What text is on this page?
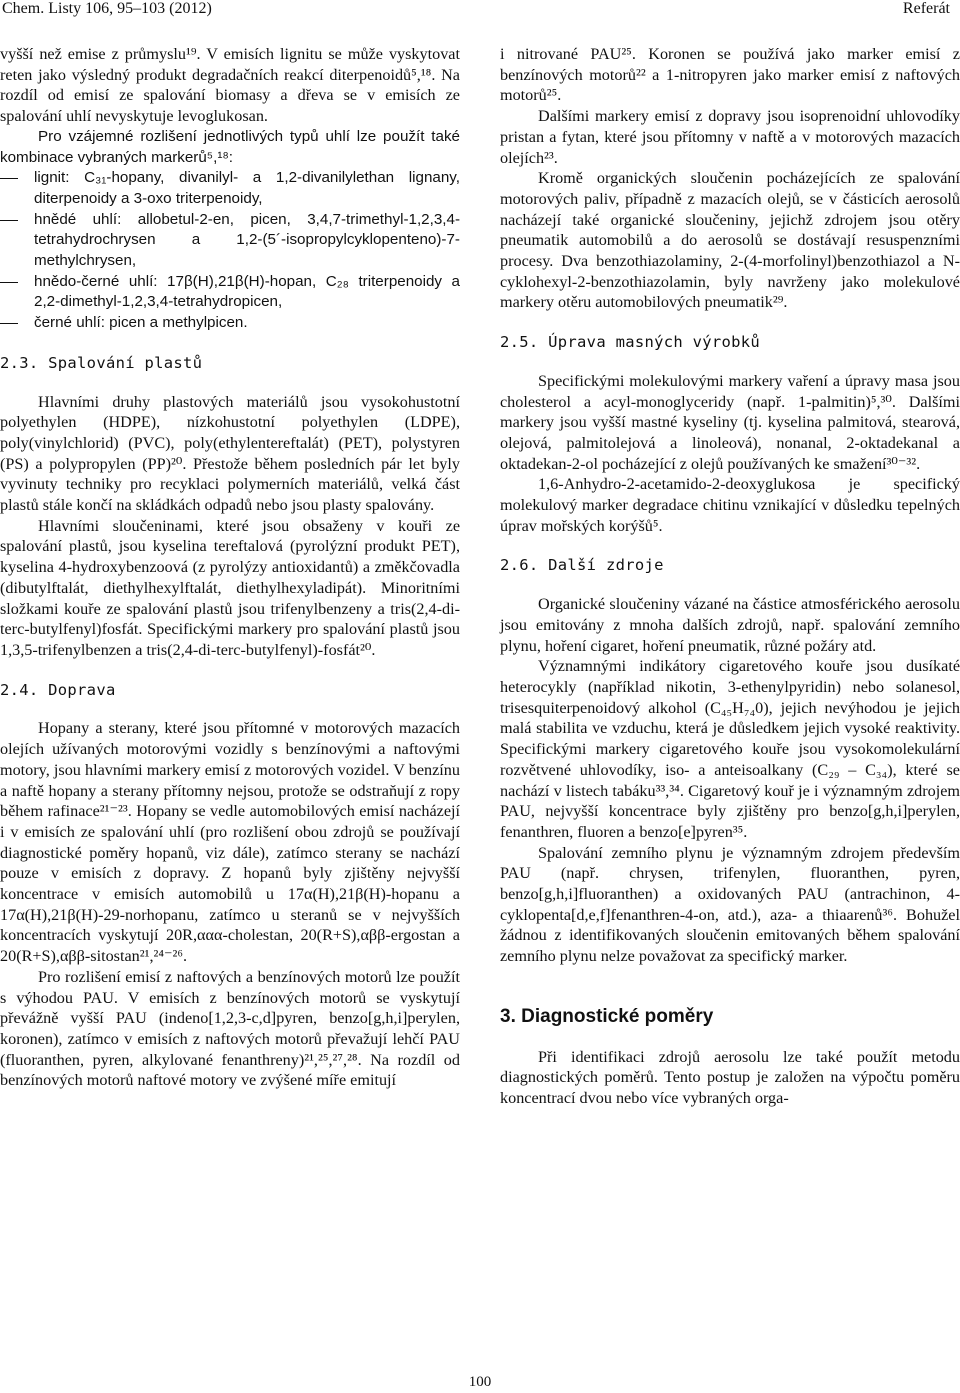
Chem. Listy 106, 95–103 (2012)	Referát

vyšší než emise z průmyslu¹⁹. V emisích lignitu se může vyskytovat reten jako výsledný produkt degradačních reakcí diterpenoidů⁵,¹⁸. Na rozdíl od emisí ze spalování biomasy a dřeva se v emisích ze spalování uhlí nevyskytuje levoglukosan.

Pro vzájemné rozlišení jednotlivých typů uhlí lze použít také kombinace vybraných markerů⁵,¹⁸:

lignit: C₃₁-hopany, divanilyl- a 1,2-divanilylethan lignany, diterpenoidy a 3-oxo triterpenoidy,
hnědé uhlí: allobetul-2-en, picen, 3,4,7-trimethyl-1,2,3,4-tetrahydrochrysen a 1,2-(5´-isopropylcyklopenteno)-7-methylchrysen,
hnědo-černé uhlí: 17β(H),21β(H)-hopan, C₂₈ triterpenoidy a 2,2-dimethyl-1,2,3,4-tetrahydropicen,
černé uhlí: picen a methylpicen.
2.3. Spalování plastů

Hlavními druhy plastových materiálů jsou vysokohustotní polyethylen (HDPE), nízkohustotní polyethylen (LDPE), poly(vinylchlorid) (PVC), poly(ethylentereftalát) (PET), polystyren (PS) a polypropylen (PP)²⁰. Přestože během posledních pár let byly vyvinuty techniky pro recyklaci polymerních materiálů, velká část plastů stále končí na skládkách odpadů nebo jsou plasty spalovány.

Hlavními sloučeninami, které jsou obsaženy v kouři ze spalování plastů, jsou kyselina tereftalová (pyrolýzní produkt PET), kyselina 4-hydroxybenzoová (z pyrolýzy antioxidantů) a změkčovadla (dibutylftalát, diethylhexylftalát, diethylhexyladipát). Minoritními složkami kouře ze spalování plastů jsou trifenylbenzeny a tris(2,4-di-terc-butylfenyl)fosfát. Specifickými markery pro spalování plastů jsou 1,3,5-trifenylbenzen a tris(2,4-di-terc-butylfenyl)-fosfát²⁰.

2.4. Doprava

Hopany a sterany, které jsou přítomné v motorových mazacích olejích užívaných motorovými vozidly s benzínovými a naftovými motory, jsou hlavními markery emisí z motorových vozidel. V benzínu a naftě hopany a sterany přítomny nejsou, protože se odstraňují z ropy během rafinace²¹⁻²³. Hopany se vedle automobilových emisí nacházejí i v emisích ze spalování uhlí (pro rozlišení obou zdrojů se používají diagnostické poměry hopanů, viz dále), zatímco sterany se nachází pouze v emisích z dopravy. Z hopanů byly zjištěny nejvyšší koncentrace v emisích automobilů u 17α(H),21β(H)-hopanu a 17α(H),21β(H)-29-norhopanu, zatímco u steranů se v nejvyšších koncentracích vyskytují 20R,ααα-cholestan, 20(R+S),αββ-ergostan a 20(R+S),αββ-sitostan²¹,²⁴⁻²⁶.

Pro rozlišení emisí z naftových a benzínových motorů lze použít s výhodou PAU. V emisích z benzínových motorů se vyskytují převážně vyšší PAU (indeno[1,2,3-c,d]pyren, benzo[g,h,i]perylen, koronen), zatímco v emisích z naftových motorů převažují lehčí PAU (fluoranthen, pyren, alkylované fenanthreny)²¹,²⁵,²⁷,²⁸. Na rozdíl od benzínových motorů naftové motory ve zvýšené míře emitují

i nitrované PAU²⁵. Koronen se používá jako marker emisí z benzínových motorů²² a 1-nitropyren jako marker emisí z naftových motorů²⁵.

Dalšími markery emisí z dopravy jsou isoprenoidní uhlovodíky pristan a fytan, které jsou přítomny v naftě a v motorových mazacích olejích²³.

Kromě organických sloučenin pocházejících ze spalování motorových paliv, případně z mazacích olejů, se v částicích aerosolů nacházejí také organické sloučeniny, jejichž zdrojem jsou otěry pneumatik automobilů a do aerosolů se dostávají resuspenzními procesy. Dva benzothiazolaminy, 2-(4-morfolinyl)benzothiazol a N-cyklohexyl-2-benzothiazolamin, byly navrženy jako molekulové markery otěru automobilových pneumatik²⁹.

2.5. Úprava masných výrobků

Specifickými molekulovými markery vaření a úpravy masa jsou cholesterol a acyl-monoglyceridy (např. 1-palmitin)⁵,³⁰. Dalšími markery jsou vyšší mastné kyseliny (tj. kyselina palmitová, stearová, olejová, palmitolejová a linoleová), nonanal, 2-oktadekanal a oktadekan-2-ol pocházející z olejů používaných ke smažení³⁰⁻³².

1,6-Anhydro-2-acetamido-2-deoxyglukosa je specifický molekulový marker degradace chitinu vznikající v důsledku tepelných úprav mořských korýšů⁵.

2.6. Další zdroje

Organické sloučeniny vázané na částice atmosférického aerosolu jsou emitovány z mnoha dalších zdrojů, např. spalování zemního plynu, hoření cigaret, hoření pneumatik, různé požáry atd.

Významnými indikátory cigaretového kouře jsou dusíkaté heterocykly (například nikotin, 3-ethenylpyridin) nebo solanesol, trisesquiterpenoidový alkohol (C₄₅H₇₄0), jejich nevýhodou je jejich malá stabilita ve vzduchu, která je důsledkem jejich vysoké reaktivity. Specifickými markery cigaretového kouře jsou vysokomolekulární rozvětvené uhlovodíky, iso- a anteisoalkany (C₂₉ – C₃₄), které se nachází v listech tabáku³³,³⁴. Cigaretový kouř je i významným zdrojem PAU, nejvyšší koncentrace byly zjištěny pro benzo[g,h,i]perylen, fenanthren, fluoren a benzo[e]pyren³⁵.

Spalování zemního plynu je významným zdrojem především PAU (např. chrysen, trifenylen, fluoranthen, pyren, benzo[g,h,i]fluoranthen) a oxidovaných PAU (antrachinon, 4-cyklopenta[d,e,f]fenanthren-4-on, atd.), aza- a thiaarenů³⁶. Bohužel žádnou z identifikovaných sloučenin emitovaných během spalování zemního plynu nelze považovat za specifický marker.

3. Diagnostické poměry

Při identifikaci zdrojů aerosolu lze také použít metodu diagnostických poměrů. Tento postup je založen na výpočtu poměru koncentrací dvou nebo více vybraných orga-

100
